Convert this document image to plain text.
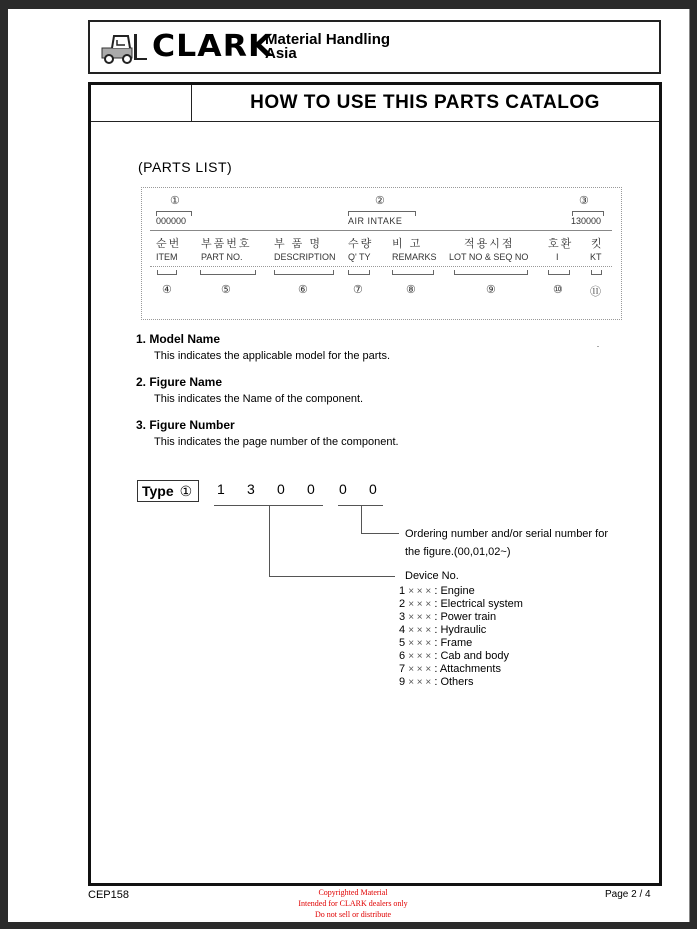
CLARK
Material Handling
Asia
HOW TO USE THIS PARTS CATALOG
(PARTS LIST)
①
000000
②
AIR INTAKE
③
130000
순번
ITEM
④
부품번호
PART NO.
⑤
부 품 명
DESCRIPTION
⑥
수량
Q' TY
⑦
비 고
REMARKS
⑧
적용시점
LOT NO & SEQ NO
⑨
호환
I
⑩
킷
KT
⑪
1. Model Name
This indicates the applicable model for the parts.
2. Figure Name
This indicates the Name of the component.
3. Figure Number
This indicates the page number of the component.
Type ①	1 3 0 0 0 0
Ordering number and/or serial number for
the figure.(00,01,02~)
Device No.
1 × × × : Engine
2 × × × : Electrical system
3 × × × : Power train
4 × × × : Hydraulic
5 × × × : Frame
6 × × × : Cab and body
7 × × × : Attachments
9 × × × : Others
CEP158	Copyrighted Material
Intended for CLARK dealers only
Do not sell or distribute
Page 2 / 4
